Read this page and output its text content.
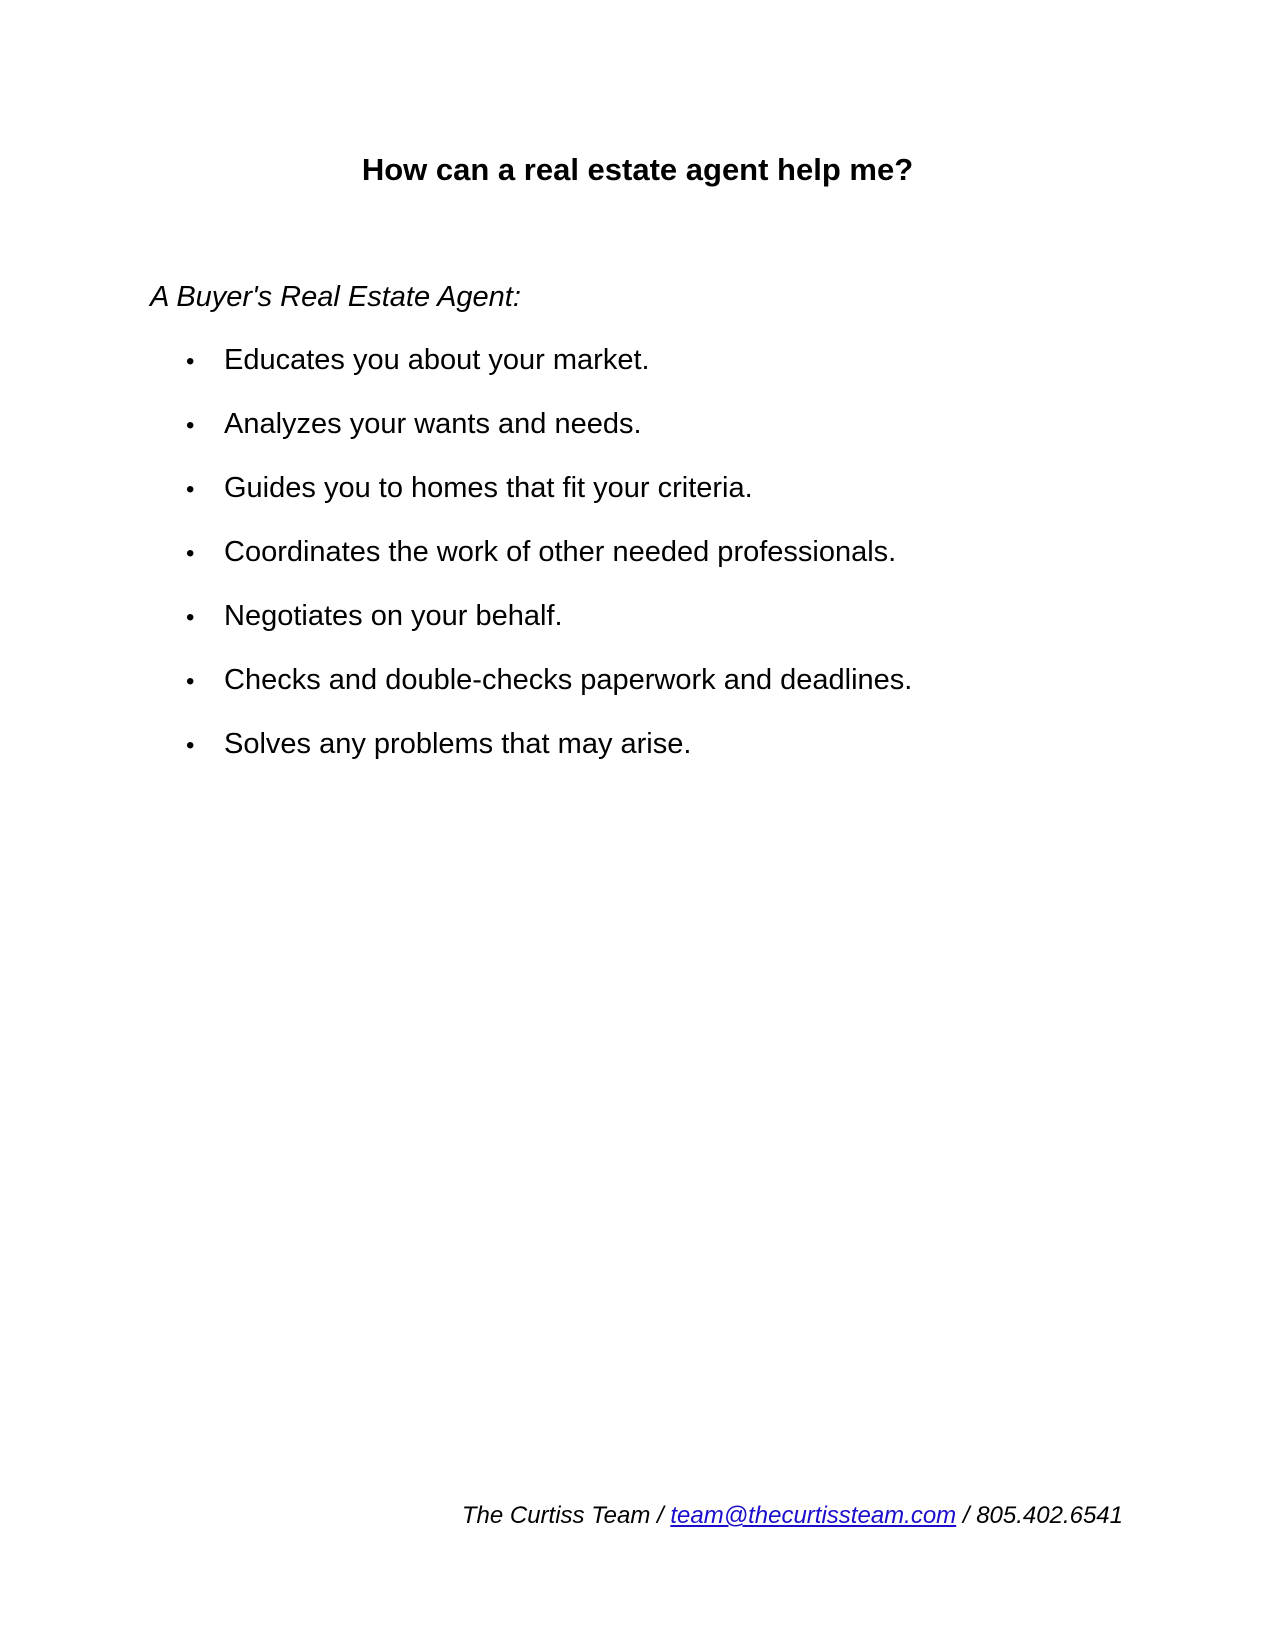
How can a real estate agent help me?

A Buyer's Real Estate Agent:

•	Educates you about your market.
•	Analyzes your wants and needs.
•	Guides you to homes that fit your criteria.
•	Coordinates the work of other needed professionals.
•	Negotiates on your behalf.
•	Checks and double-checks paperwork and deadlines.
•	Solves any problems that may arise.
The Curtiss Team / team@thecurtissteam.com / 805.402.6541
